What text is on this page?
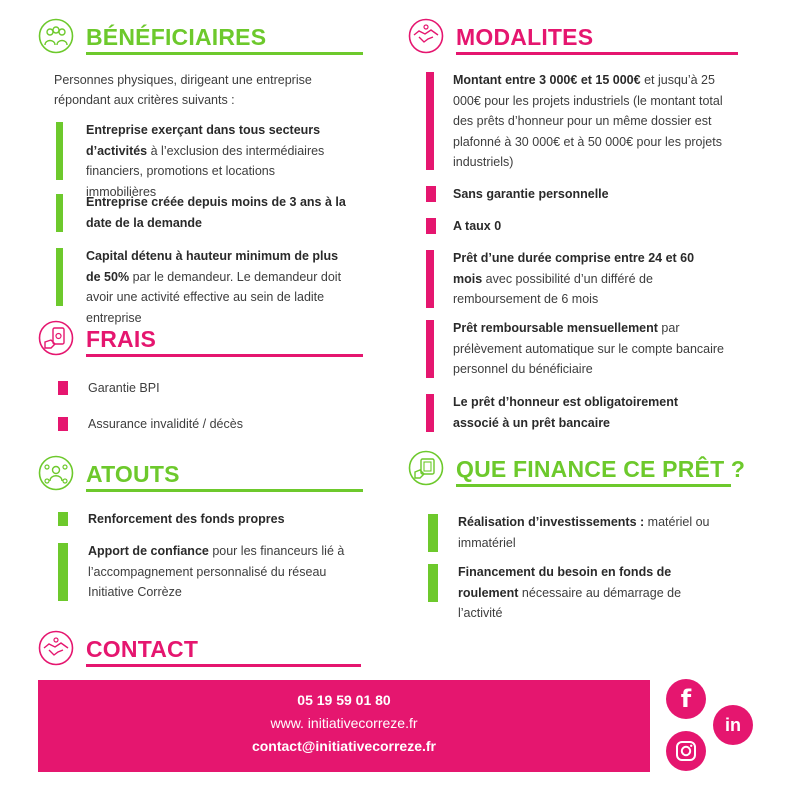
BÉNÉFICIAIRES
Personnes physiques, dirigeant une entreprise répondant aux critères suivants :
Entreprise exerçant dans tous secteurs d’activités à l’exclusion des intermédiaires financiers, promotions et locations immobilières
Entreprise créée depuis moins de 3 ans à la date de la demande
Capital détenu à hauteur minimum de plus de 50% par le demandeur. Le demandeur doit avoir une activité effective au sein de ladite entreprise
FRAIS
Garantie BPI
Assurance invalidité / décès
ATOUTS
Renforcement des fonds propres
Apport de confiance pour les financeurs lié à l’accompagnement personnalisé du réseau Initiative Corrèze
MODALITES
Montant entre 3 000€ et 15 000€ et jusqu’à 25 000€ pour les projets industriels (le montant total des prêts d’honneur pour un même dossier est plafonné à 30 000€ et à 50 000€ pour les projets industriels)
Sans garantie personnelle
A taux 0
Prêt d’une durée comprise entre 24 et 60 mois avec possibilité d’un différé de remboursement de 6 mois
Prêt remboursable mensuellement par prélèvement automatique sur le compte bancaire personnel du bénéficiaire
Le prêt d’honneur est obligatoirement associé à un prêt bancaire
QUE FINANCE CE PRÊT ?
Réalisation d’investissements : matériel ou immatériel
Financement du besoin en fonds de roulement nécessaire au démarrage de l’activité
CONTACT
05 19 59 01 80
www. initiativecorreze.fr
contact@initiativecorreze.fr
f
in
